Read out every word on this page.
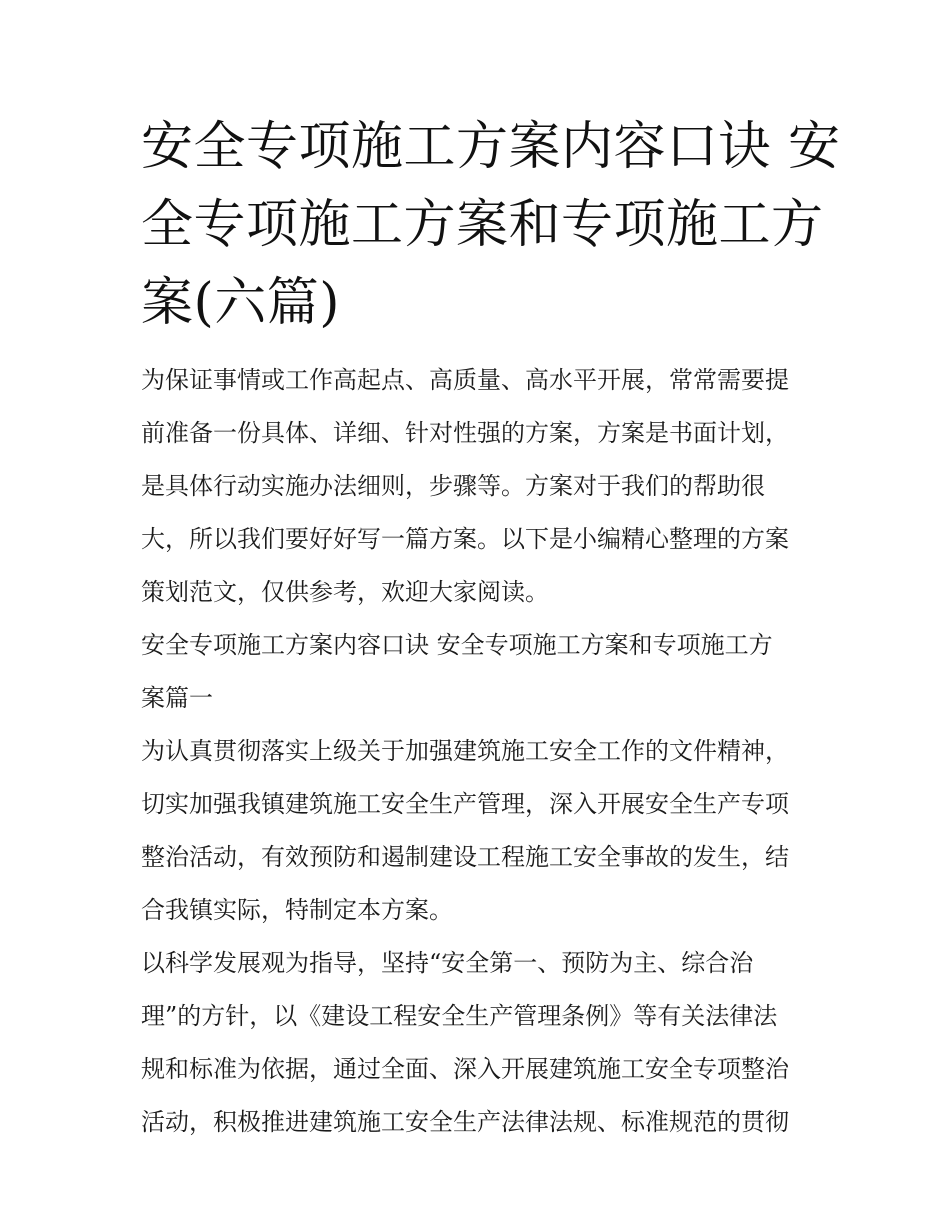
安全专项施工方案内容口诀 安
全专项施工方案和专项施工方
案(六篇)

为保证事情或工作高起点、高质量、高水平开展，常常需要提
前准备一份具体、详细、针对性强的方案，方案是书面计划，
是具体行动实施办法细则，步骤等。方案对于我们的帮助很
大，所以我们要好好写一篇方案。以下是小编精心整理的方案
策划范文，仅供参考，欢迎大家阅读。

安全专项施工方案内容口诀 安全专项施工方案和专项施工方
案篇一

为认真贯彻落实上级关于加强建筑施工安全工作的文件精神，
切实加强我镇建筑施工安全生产管理，深入开展安全生产专项
整治活动，有效预防和遏制建设工程施工安全事故的发生，结
合我镇实际，特制定本方案。

以科学发展观为指导，坚持“安全第一、预防为主、综合治
理”的方针，以《建设工程安全生产管理条例》等有关法律法
规和标准为依据，通过全面、深入开展建筑施工安全专项整治
活动，积极推进建筑施工安全生产法律法规、标准规范的贯彻
